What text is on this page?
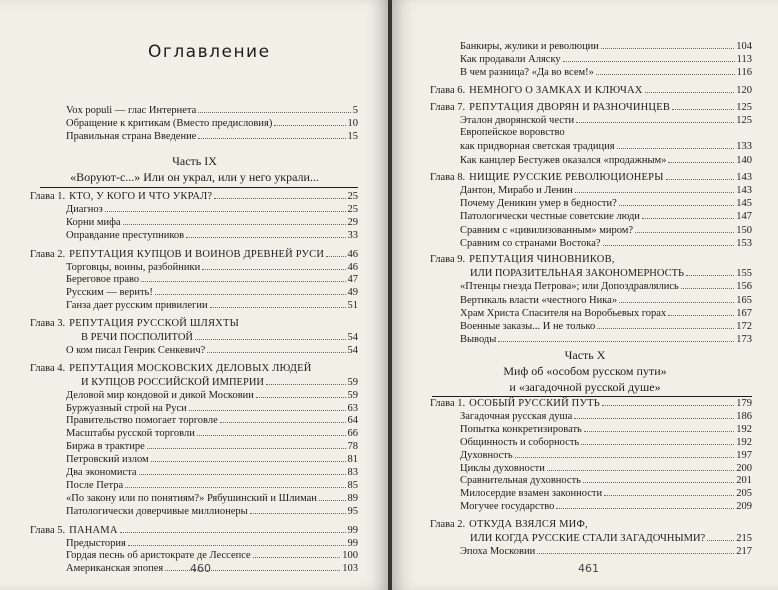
Оглавление
Vox populi — глас Интернета	5
Обращение к критикам (Вместо предисловия)	10
Правильная страна Введение	15
Часть IX
«Воруют-с...» Или он украл, или у него украли...
Глава 1. КТО, У КОГО И ЧТО УКРАЛ?	25
Диагноз	25
Корни мифа	29
Оправдание преступников	33
Глава 2. РЕПУТАЦИЯ КУПЦОВ И ВОИНОВ ДРЕВНЕЙ РУСИ 46
Торговцы, воины, разбойники	46
Береговое право	47
Русским — верить!	49
Ганза дает русским привилегии	51
Глава 3. РЕПУТАЦИЯ РУССКОЙ ШЛЯХТЫ
В РЕЧИ ПОСПОЛИТОЙ	54
О ком писал Генрик Сенкевич?	54
Глава 4. РЕПУТАЦИЯ МОСКОВСКИХ ДЕЛОВЫХ ЛЮДЕЙ
И КУПЦОВ РОССИЙСКОЙ ИМПЕРИИ	59
Деловой мир кондовой и дикой Московии	59
Буржуазный строй на Руси	63
Правительство помогает торговле	64
Масштабы русской торговли	66
Биржа в трактире	78
Петровский излом	81
Два экономиста	83
После Петра	85
«По закону или по понятиям?» Рябушинский и Шлиман	89
Патологически доверчивые миллионеры	95
Глава 5. ПАНАМА	99
Предыстория	99
Гордая песнь об аристократе де Лессепсе	100
Американская эпопея	103
460
Банкиры, жулики и революции	104
Как продавали Аляску	113
В чем разница? «Да во всем!»	116
Глава 6. НЕМНОГО О ЗАМКАХ И КЛЮЧАХ	120
Глава 7. РЕПУТАЦИЯ ДВОРЯН И РАЗНОЧИНЦЕВ	125
Эталон дворянской чести	125
Европейское воровство
как придворная светская традиция	133
Как канцлер Бестужев оказался «продажным»	140
Глава 8. НИЩИЕ РУССКИЕ РЕВОЛЮЦИОНЕРЫ	143
Дантон, Мирабо и Ленин	143
Почему Деникин умер в бедности?	145
Патологически честные советские люди	147
Сравним с «цивилизованным» миром?	150
Сравним со странами Востока?	153
Глава 9. РЕПУТАЦИЯ ЧИНОВНИКОВ,
ИЛИ ПОРАЗИТЕЛЬНАЯ ЗАКОНОМЕРНОСТЬ	155
«Птенцы гнезда Петрова»; или Допоздравлялись	156
Вертикаль власти «честного Ника»	165
Храм Христа Спасителя на Воробьевых горах	167
Военные заказы... И не только	172
Выводы	173
Часть X
Миф об «особом русском пути»
и «загадочной русской душе»
Глава 1. ОСОБЫЙ РУССКИЙ ПУТЬ	179
Загадочная русская душа	186
Попытка конкретизировать	192
Общинность и соборность	192
Духовность	197
Циклы духовности	200
Сравнительная духовность	201
Милосердие взамен законности	205
Могучее государство	209
Глава 2. ОТКУДА ВЗЯЛСЯ МИФ,
ИЛИ КОГДА РУССКИЕ СТАЛИ ЗАГАДОЧНЫМИ?	215
Эпоха Московии	217
461
